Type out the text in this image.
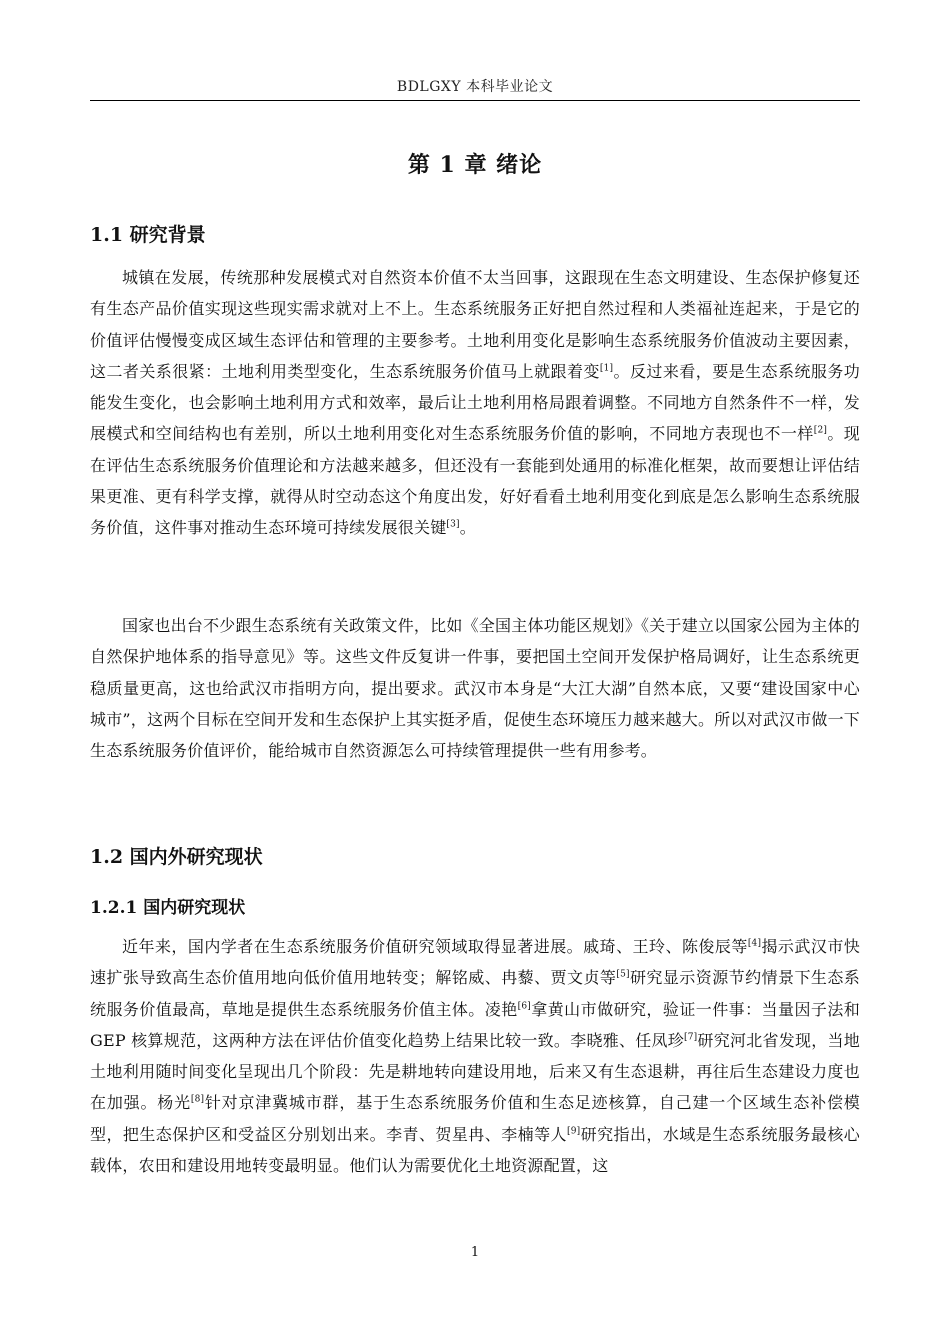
BDLGXY 本科毕业论文
第 1 章 绪论
1.1 研究背景

城镇在发展，传统那种发展模式对自然资本价值不太当回事，这跟现在生态文明建设、生态保护修复还有生态产品价值实现这些现实需求就对上不上。生态系统服务正好把自然过程和人类福祉连起来，于是它的价值评估慢慢变成区域生态评估和管理的主要参考。土地利用变化是影响生态系统服务价值波动主要因素，这二者关系很紧：土地利用类型变化，生态系统服务价值马上就跟着变[1]。反过来看，要是生态系统服务功能发生变化，也会影响土地利用方式和效率，最后让土地利用格局跟着调整。不同地方自然条件不一样，发展模式和空间结构也有差别，所以土地利用变化对生态系统服务价值的影响，不同地方表现也不一样[2]。现在评估生态系统服务价值理论和方法越来越多，但还没有一套能到处通用的标准化框架，故而要想让评估结果更准、更有科学支撑，就得从时空动态这个角度出发，好好看看土地利用变化到底是怎么影响生态系统服务价值，这件事对推动生态环境可持续发展很关键[3]。

国家也出台不少跟生态系统有关政策文件，比如《全国主体功能区规划》《关于建立以国家公园为主体的自然保护地体系的指导意见》等。这些文件反复讲一件事，要把国土空间开发保护格局调好，让生态系统更稳质量更高，这也给武汉市指明方向，提出要求。武汉市本身是“大江大湖”自然本底，又要“建设国家中心城市”，这两个目标在空间开发和生态保护上其实挺矛盾，促使生态环境压力越来越大。所以对武汉市做一下生态系统服务价值评价，能给城市自然资源怎么可持续管理提供一些有用参考。

1.2 国内外研究现状
1.2.1 国内研究现状

近年来，国内学者在生态系统服务价值研究领域取得显著进展。戚琦、王玲、陈俊辰等[4]揭示武汉市快速扩张导致高生态价值用地向低价值用地转变；解铭威、冉藜、贾文贞等[5]研究显示资源节约情景下生态系统服务价值最高，草地是提供生态系统服务价值主体。凌艳[6]拿黄山市做研究，验证一件事：当量因子法和 GEP 核算规范，这两种方法在评估价值变化趋势上结果比较一致。李晓雅、任凤珍[7]研究河北省发现，当地土地利用随时间变化呈现出几个阶段：先是耕地转向建设用地，后来又有生态退耕，再往后生态建设力度也在加强。杨光[8]针对京津冀城市群，基于生态系统服务价值和生态足迹核算，自己建一个区域生态补偿模型，把生态保护区和受益区分别划出来。李青、贺星冉、李楠等人[9]研究指出，水域是生态系统服务最核心载体，农田和建设用地转变最明显。他们认为需要优化土地资源配置，这

1
